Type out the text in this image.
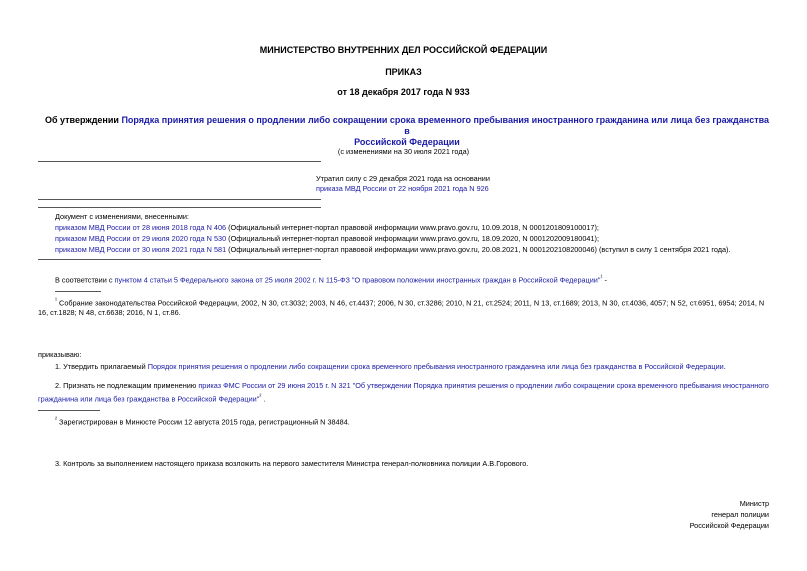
МИНИСТЕРСТВО ВНУТРЕННИХ ДЕЛ РОССИЙСКОЙ ФЕДЕРАЦИИ
ПРИКАЗ
от 18 декабря 2017 года N 933
Об утверждении Порядка принятия решения о продлении либо сокращении срока временного пребывания иностранного гражданина или лица без гражданства в
Российской Федерации
(с изменениями на 30 июля 2021 года)
Утратил силу с 29 декабря 2021 года на основании
приказа МВД России от 22 ноября 2021 года N 926
Документ с изменениями, внесенными:
приказом МВД России от 28 июня 2018 года N 406 (Официальный интернет-портал правовой информации www.pravo.gov.ru, 10.09.2018, N 0001201809100017);
приказом МВД России от 29 июля 2020 года N 530 (Официальный интернет-портал правовой информации www.pravo.gov.ru, 18.09.2020, N 0001202009180041);
приказом МВД России от 30 июля 2021 года N 581 (Официальный интернет-портал правовой информации www.pravo.gov.ru, 20.08.2021, N 0001202108200046) (вступил в силу 1 сентября 2021 года).
В соответствии с пунктом 4 статьи 5 Федерального закона от 25 июля 2002 г. N 115-ФЗ "О правовом положении иностранных граждан в Российской Федерации"$^{^1}$ -
$^{^1}$ Собрание законодательства Российской Федерации, 2002, N 30, ст.3032; 2003, N 46, ст.4437; 2006, N 30, ст.3286; 2010, N 21, ст.2524; 2011, N 13, ст.1689; 2013, N 30, ст.4036, 4057; N 52, ст.6951, 6954; 2014, N
16, ст.1828; N 48, ст.6638; 2016, N 1, ст.86.
приказываю:
1. Утвердить прилагаемый Порядок принятия решения о продлении либо сокращении срока временного пребывания иностранного гражданина или лица без гражданства в Российской Федерации.
2. Признать не подлежащим применению приказ ФМС России от 29 июня 2015 г. N 321 "Об утверждении Порядка принятия решения о продлении либо сокращении срока временного пребывания иностранного
гражданина или лица без гражданства в Российской Федерации"$^{^2}$ .
$^{^2}$ Зарегистрирован в Минюсте России 12 августа 2015 года, регистрационный N 38484.
3. Контроль за выполнением настоящего приказа возложить на первого заместителя Министра генерал-полковника полиции А.В.Горового.
Министр
генерал полиции
Российской Федерации
